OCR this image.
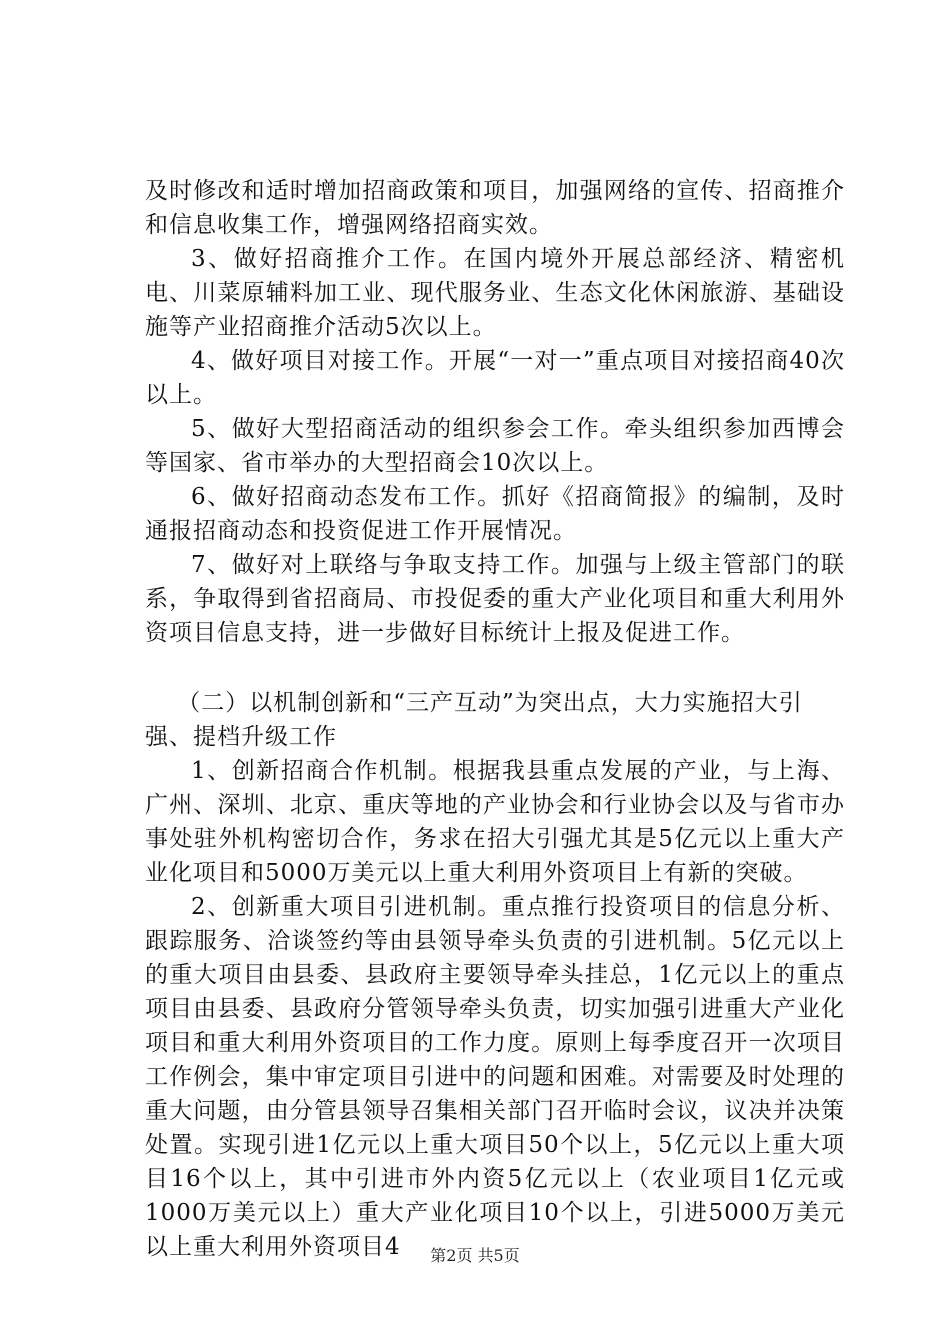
及时修改和适时增加招商政策和项目，加强网络的宣传、招商推介和信息收集工作，增强网络招商实效。

3、做好招商推介工作。在国内境外开展总部经济、精密机电、川菜原辅料加工业、现代服务业、生态文化休闲旅游、基础设施等产业招商推介活动5次以上。

4、做好项目对接工作。开展“一对一”重点项目对接招商40次以上。

5、做好大型招商活动的组织参会工作。牵头组织参加西博会等国家、省市举办的大型招商会10次以上。

6、做好招商动态发布工作。抓好《招商简报》的编制，及时通报招商动态和投资促进工作开展情况。

7、做好对上联络与争取支持工作。加强与上级主管部门的联系，争取得到省招商局、市投促委的重大产业化项目和重大利用外资项目信息支持，进一步做好目标统计上报及促进工作。

（二）以机制创新和“三产互动”为突出点，大力实施招大引强、提档升级工作

1、创新招商合作机制。根据我县重点发展的产业，与上海、广州、深圳、北京、重庆等地的产业协会和行业协会以及与省市办事处驻外机构密切合作，务求在招大引强尤其是5亿元以上重大产业化项目和5000万美元以上重大利用外资项目上有新的突破。

2、创新重大项目引进机制。重点推行投资项目的信息分析、跟踪服务、洽谈签约等由县领导牵头负责的引进机制。5亿元以上的重大项目由县委、县政府主要领导牵头挂总，1亿元以上的重点项目由县委、县政府分管领导牵头负责，切实加强引进重大产业化项目和重大利用外资项目的工作力度。原则上每季度召开一次项目工作例会，集中审定项目引进中的问题和困难。对需要及时处理的重大问题，由分管县领导召集相关部门召开临时会议，议决并决策处置。实现引进1亿元以上重大项目50个以上，5亿元以上重大项目16个以上，其中引进市外内资5亿元以上（农业项目1亿元或1000万美元以上）重大产业化项目10个以上，引进5000万美元以上重大利用外资项目4	第2页 共5页
